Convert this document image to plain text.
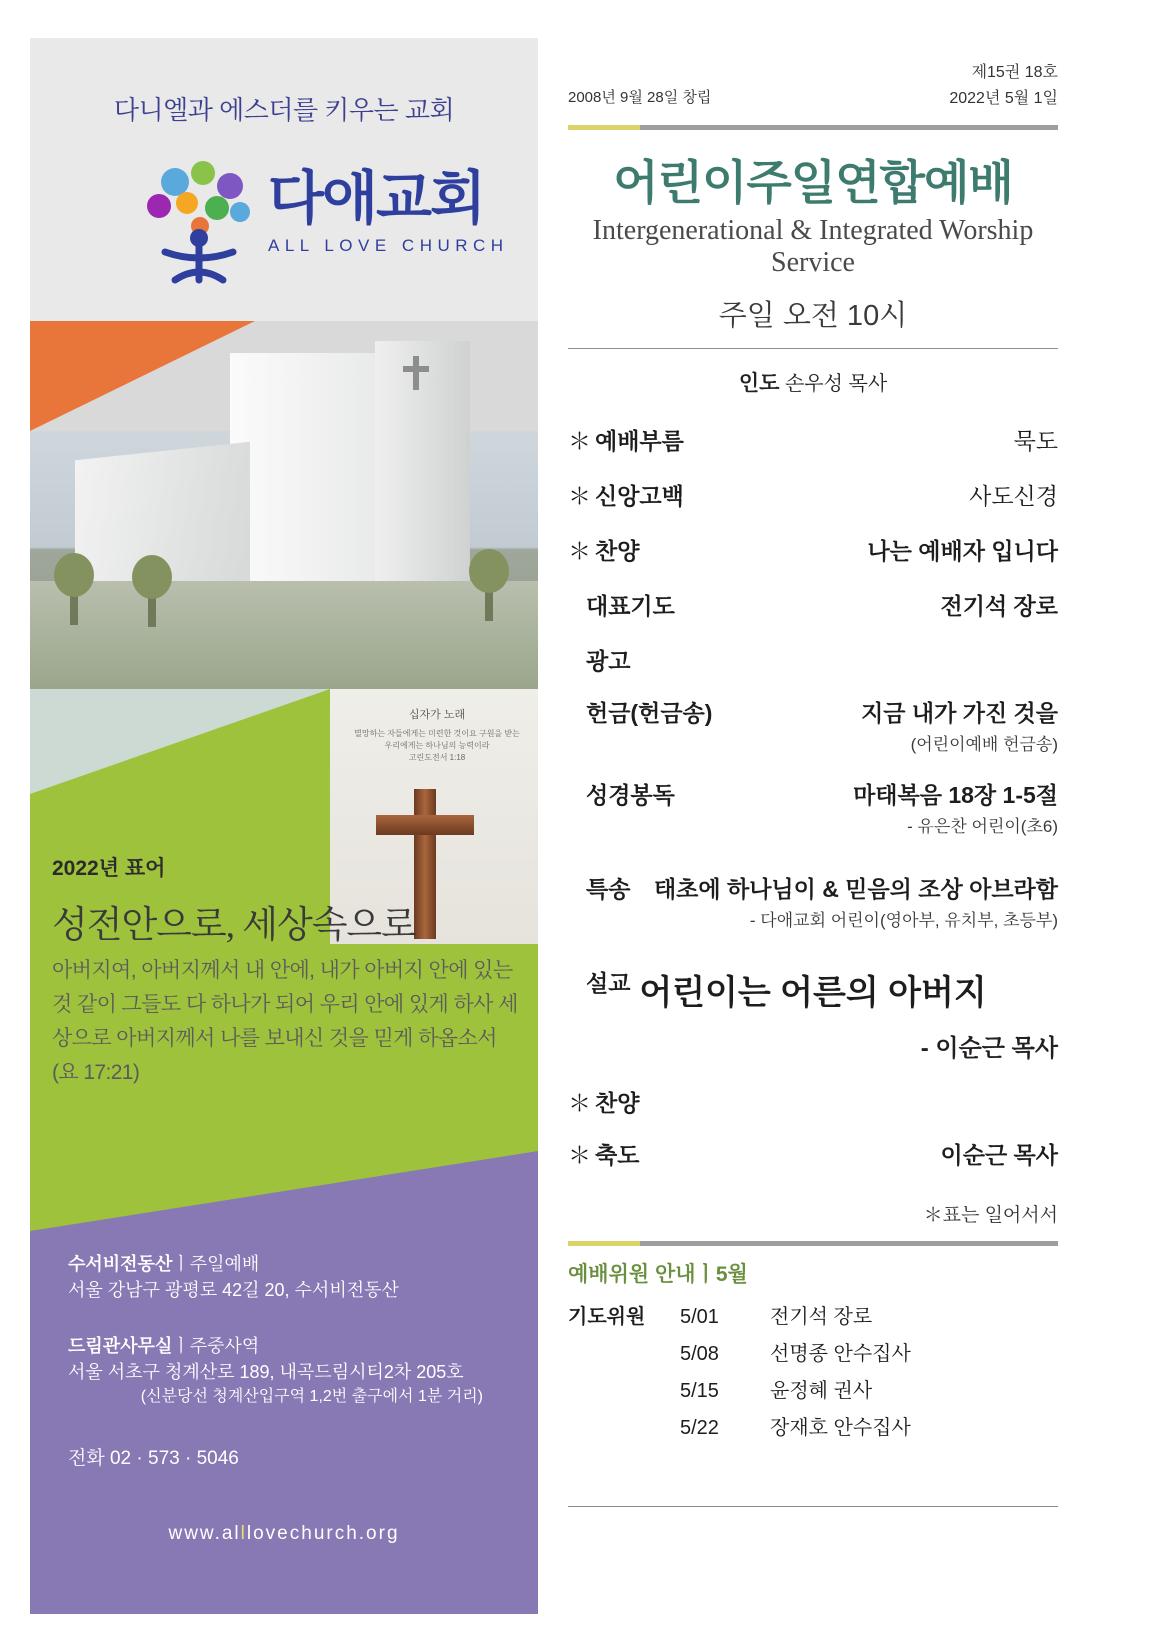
다니엘과 에스더를 키우는 교회
다애교회
ALL LOVE CHURCH
십자가 노래
멸망하는 자들에게는 미련한 것이요 구원을 받는 우리에게는 하나님의 능력이라
고린도전서 1:18
2022년 표어
성전안으로, 세상속으로
아버지여, 아버지께서 내 안에, 내가 아버지 안에 있는 것 같이 그들도 다 하나가 되어 우리 안에 있게 하사 세상으로 아버지께서 나를 보내신 것을 믿게 하옵소서(요 17:21)
수서비전동산ㅣ주일예배
서울 강남구 광평로 42길 20, 수서비전동산
드림관사무실ㅣ주중사역
서울 서초구 청계산로 189, 내곡드림시티2차 205호
(신분당선 청계산입구역 1,2번 출구에서 1분 거리)
전화 02 · 573 · 5046
www.alllovechurch.org
2008년 9월 28일 창립
제15권 18호
2022년 5월 1일
어린이주일연합예배
Intergenerational & Integrated Worship Service
주일 오전 10시
인도 손우성 목사
＊ 예배부름	묵도
＊ 신앙고백	사도신경
＊ 찬양	나는 예배자 입니다
대표기도	전기석 장로
광고
헌금(헌금송)	지금 내가 가진 것을
(어린이예배 헌금송)
성경봉독	마태복음 18장 1-5절
- 유은찬 어린이(초6)
특송	태초에 하나님이 & 믿음의 조상 아브라함
- 다애교회 어린이(영아부, 유치부, 초등부)
설교 어린이는 어른의 아버지
- 이순근 목사
＊ 찬양
＊ 축도	이순근 목사
＊표는 일어서서
예배위원 안내ㅣ5월
기도위원	5/01	전기석 장로
5/08	선명종 안수집사
5/15	윤정혜 권사
5/22	장재호 안수집사
